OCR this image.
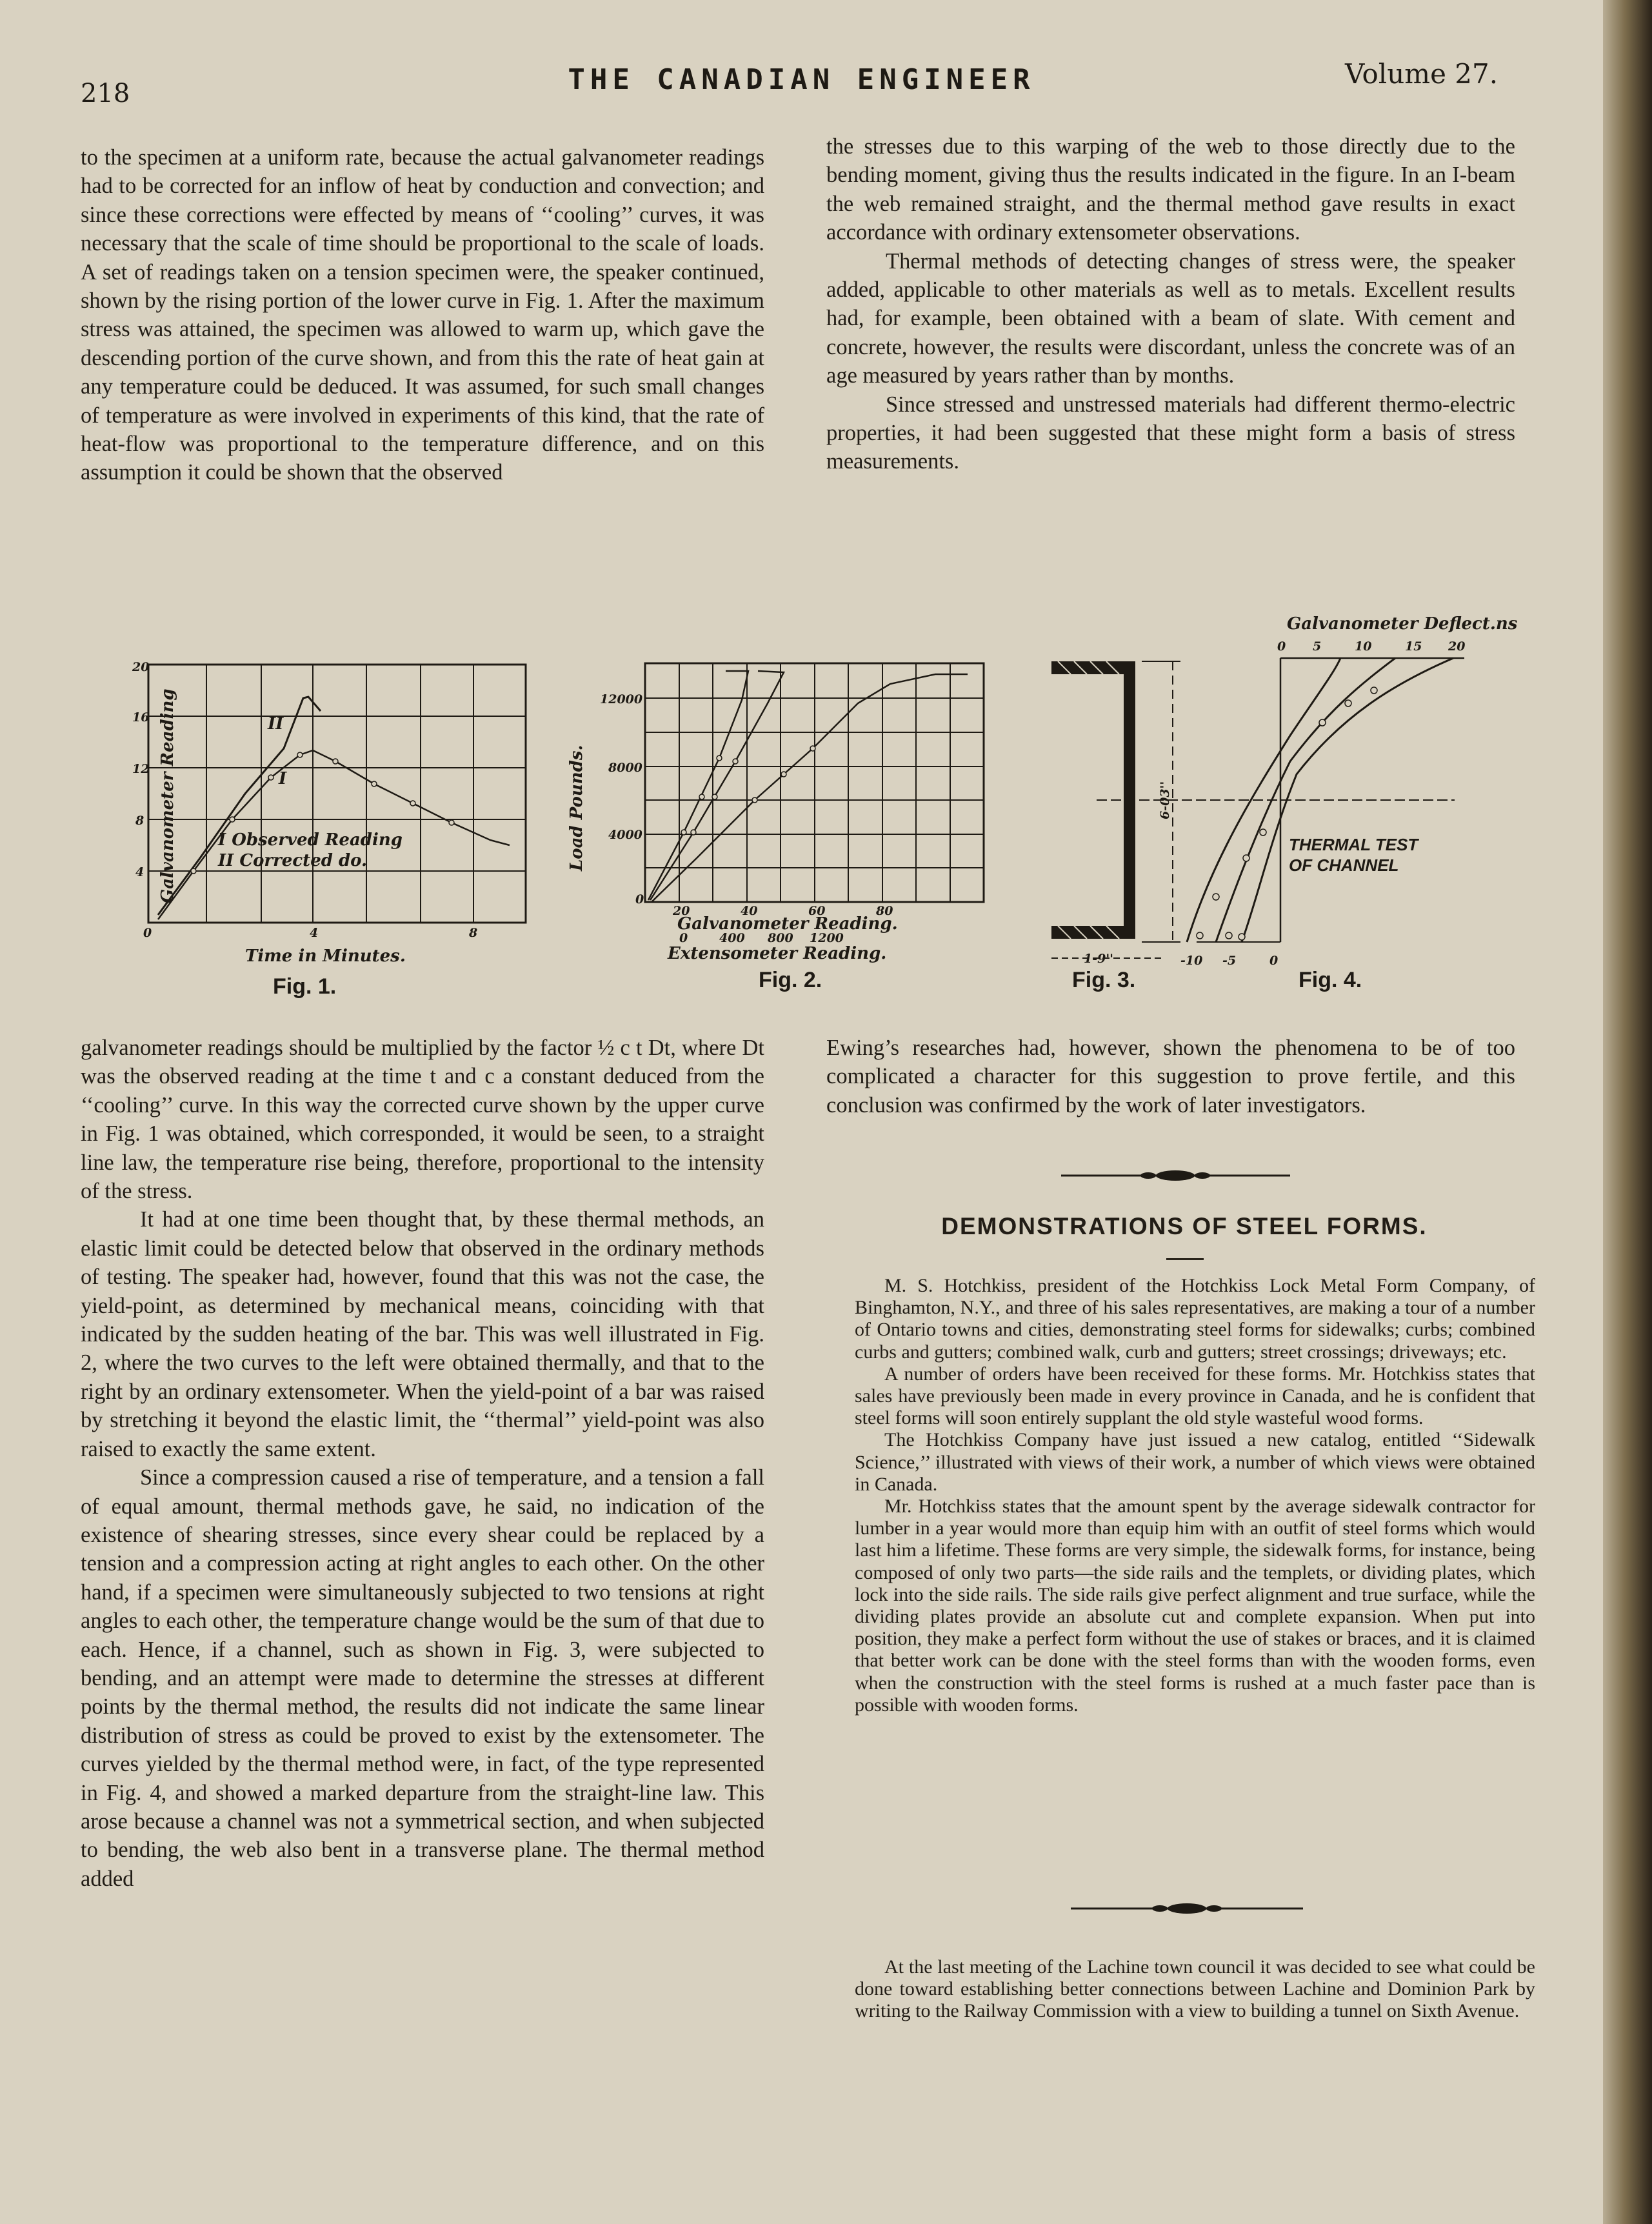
218	THE CANADIAN ENGINEER	Volume 27.

to the specimen at a uniform rate, because the actual galvanometer readings had to be corrected for an inflow of heat by conduction and convection; and since these corrections were effected by means of ‘‘cooling’’ curves, it was necessary that the scale of time should be proportional to the scale of loads. A set of readings taken on a tension specimen were, the speaker continued, shown by the rising portion of the lower curve in Fig. 1. After the maximum stress was attained, the specimen was allowed to warm up, which gave the descending portion of the curve shown, and from this the rate of heat gain at any temperature could be deduced. It was assumed, for such small changes of temperature as were involved in experiments of this kind, that the rate of heat-flow was proportional to the temperature difference, and on this assumption it could be shown that the observed

the stresses due to this warping of the web to those directly due to the bending moment, giving thus the results indicated in the figure. In an I-beam the web remained straight, and the thermal method gave results in exact accordance with ordinary extensometer observations.

Thermal methods of detecting changes of stress were, the speaker added, applicable to other materials as well as to metals. Excellent results had, for example, been obtained with a beam of slate. With cement and concrete, however, the results were discordant, unless the concrete was of an age measured by years rather than by months.

Since stressed and unstressed materials had different thermo-electric properties, it had been suggested that these might form a basis of stress measurements.

II
I
I Observed Reading
II Corrected do.
20
16
12
8
4
0	4	8
Time in Minutes.
Galvanometer Reading	12000
8000
4000
0
20	40	60	80
Galvanometer Reading.
0	400 800 1200
Extensometer Reading.
Load Pounds.	6-03''
1-9''
Galvanometer Deflect.ns
0 5	10	15 20
-10 -5	0
THERMAL TEST
OF CHANNEL
Fig. 1.	Fig. 2.	Fig. 3.	Fig. 4.

galvanometer readings should be multiplied by the factor ½ c t Dt, where Dt was the observed reading at the time t and c a constant deduced from the ‘‘cooling’’ curve. In this way the corrected curve shown by the upper curve in Fig. 1 was obtained, which corresponded, it would be seen, to a straight line law, the temperature rise being, therefore, proportional to the intensity of the stress.

It had at one time been thought that, by these thermal methods, an elastic limit could be detected below that observed in the ordinary methods of testing. The speaker had, however, found that this was not the case, the yield-point, as determined by mechanical means, coinciding with that indicated by the sudden heating of the bar. This was well illustrated in Fig. 2, where the two curves to the left were obtained thermally, and that to the right by an ordinary extensometer. When the yield-point of a bar was raised by stretching it beyond the elastic limit, the ‘‘thermal’’ yield-point was also raised to exactly the same extent.

Since a compression caused a rise of temperature, and a tension a fall of equal amount, thermal methods gave, he said, no indication of the existence of shearing stresses, since every shear could be replaced by a tension and a compression acting at right angles to each other. On the other hand, if a specimen were simultaneously subjected to two tensions at right angles to each other, the temperature change would be the sum of that due to each. Hence, if a channel, such as shown in Fig. 3, were subjected to bending, and an attempt were made to determine the stresses at different points by the thermal method, the results did not indicate the same linear distribution of stress as could be proved to exist by the extensometer. The curves yielded by the thermal method were, in fact, of the type represented in Fig. 4, and showed a marked departure from the straight-line law. This arose because a channel was not a symmetrical section, and when subjected to bending, the web also bent in a transverse plane. The thermal method added

Ewing’s researches had, however, shown the phenomena to be of too complicated a character for this suggestion to prove fertile, and this conclusion was confirmed by the work of later investigators.

DEMONSTRATIONS OF STEEL FORMS.

M. S. Hotchkiss, president of the Hotchkiss Lock Metal Form Company, of Binghamton, N.Y., and three of his sales representatives, are making a tour of a number of Ontario towns and cities, demonstrating steel forms for sidewalks; curbs; combined curbs and gutters; combined walk, curb and gutters; street crossings; driveways; etc.

A number of orders have been received for these forms. Mr. Hotchkiss states that sales have previously been made in every province in Canada, and he is confident that steel forms will soon entirely supplant the old style wasteful wood forms.

The Hotchkiss Company have just issued a new catalog, entitled ‘‘Sidewalk Science,’’ illustrated with views of their work, a number of which views were obtained in Canada.

Mr. Hotchkiss states that the amount spent by the average sidewalk contractor for lumber in a year would more than equip him with an outfit of steel forms which would last him a lifetime. These forms are very simple, the sidewalk forms, for instance, being composed of only two parts—the side rails and the templets, or dividing plates, which lock into the side rails. The side rails give perfect alignment and true surface, while the dividing plates provide an absolute cut and complete expansion. When put into position, they make a perfect form without the use of stakes or braces, and it is claimed that better work can be done with the steel forms than with the wooden forms, even when the construction with the steel forms is rushed at a much faster pace than is possible with wooden forms.

At the last meeting of the Lachine town council it was decided to see what could be done toward establishing better connections between Lachine and Dominion Park by writing to the Railway Commission with a view to building a tunnel on Sixth Avenue.
